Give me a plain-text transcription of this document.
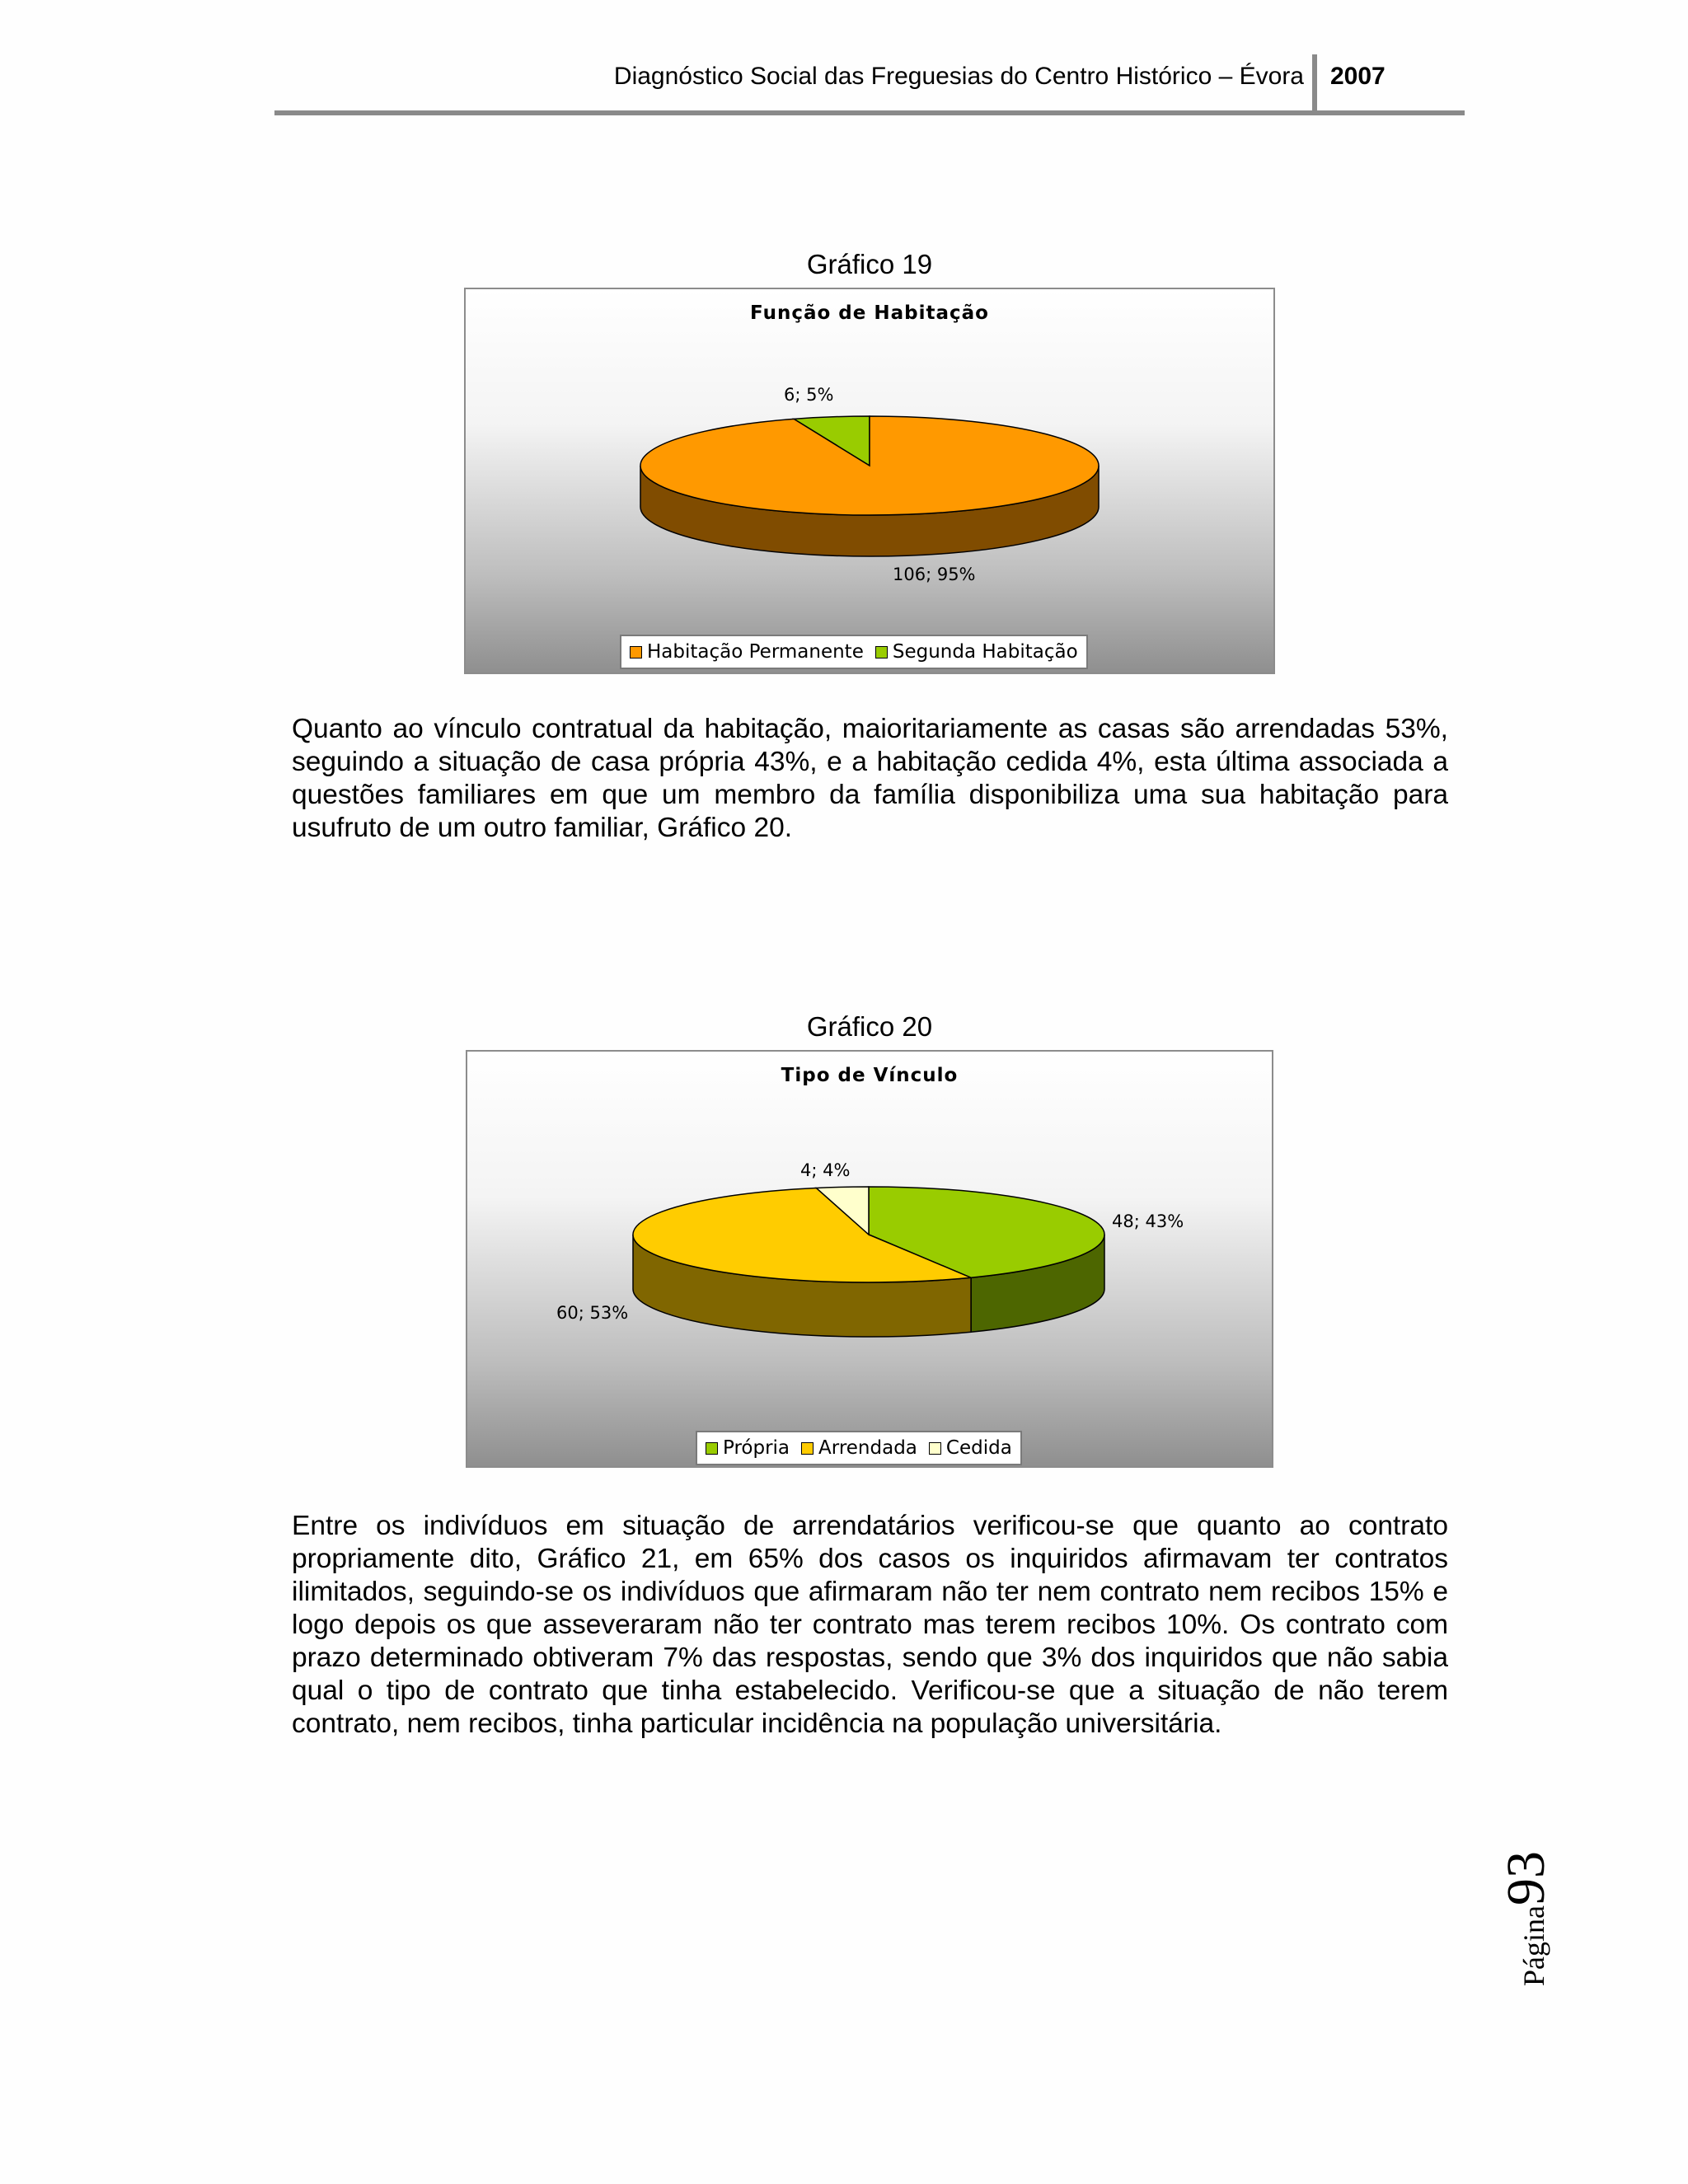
Diagnóstico Social das Freguesias do Centro Histórico – Évora 2007
Gráfico 19
Função de Habitação
6; 5%
106; 95%
Habitação Permanente Segunda Habitação
Quanto ao vínculo contratual da habitação, maioritariamente as casas são arrendadas 53%, seguindo a situação de casa própria 43%, e a habitação cedida 4%, esta última associada a questões familiares em que um membro da família disponibiliza uma sua habitação para usufruto de um outro familiar, Gráfico 20.
Gráfico 20
Tipo de Vínculo
4; 4%
48; 43%
60; 53%
Própria Arrendada Cedida
Entre os indivíduos em situação de arrendatários verificou-se que quanto ao contrato propriamente dito, Gráfico 21, em 65% dos casos os inquiridos afirmavam ter contratos ilimitados, seguindo-se os indivíduos que afirmaram não ter nem contrato nem recibos 15% e logo depois os que asseveraram não ter contrato mas terem recibos 10%. Os contrato com prazo determinado obtiveram 7% das respostas, sendo que 3% dos inquiridos que não sabia qual o tipo de contrato que tinha estabelecido. Verificou-se que a situação de não terem contrato, nem recibos, tinha particular incidência na população universitária.
Página93
